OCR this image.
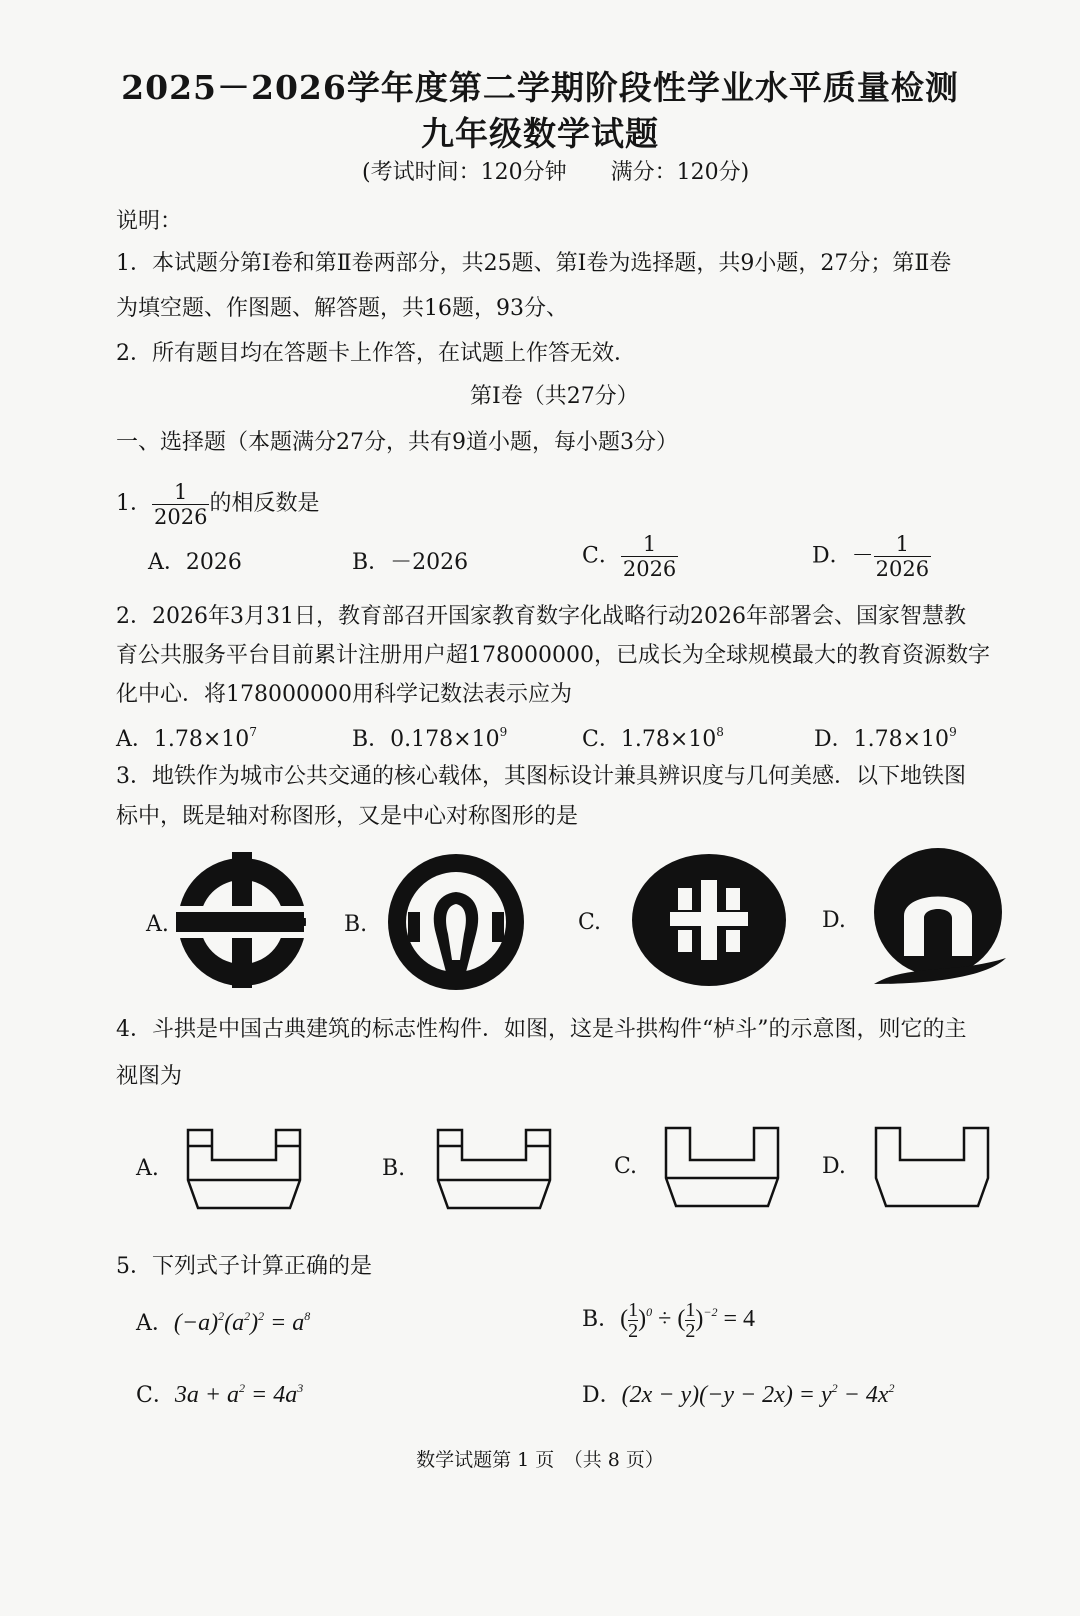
2025－2026学年度第二学期阶段性学业水平质量检测
九年级数学试题
(考试时间：120分钟　　满分：120分)
说明：
1．本试题分第Ⅰ卷和第Ⅱ卷两部分，共25题、第Ⅰ卷为选择题，共9小题，27分；第Ⅱ卷
为填空题、作图题、解答题，共16题，93分、
2．所有题目均在答题卡上作答，在试题上作答无效．
第Ⅰ卷（共27分）
一、选择题（本题满分27分，共有9道小题，每小题3分）
1． $\frac{1}{2026}$ 的相反数是
A．2026	B．－2026	C． $\frac{1}{2026}$	D．－ $\frac{1}{2026}$
2．2026年3月31日，教育部召开国家教育数字化战略行动2026年部署会、国家智慧教
育公共服务平台目前累计注册用户超178000000，已成长为全球规模最大的教育资源数字
化中心．将178000000用科学记数法表示应为
A．$1.78\times 10^7$	B．$0.178\times 10^9$	C．$1.78\times 10^8$	D．$1.78\times 10^9$
3．地铁作为城市公共交通的核心载体，其图标设计兼具辨识度与几何美感．以下地铁图
标中，既是轴对称图形，又是中心对称图形的是
A.	B.	C.	D.
4．斗拱是中国古典建筑的标志性构件．如图，这是斗拱构件“栌斗”的示意图，则它的主
视图为
A.	B.	C.	D.
5．下列式子计算正确的是
A．$(-a)^2(a^2)^2 = a^8$	B．( $\frac{1}{2} )^0$ ÷ ( $\frac{1}{2} )^{-2} = 4$
C．$3a + a^2 = 4a^3$	D．$(2x - y)(-y - 2x) = y^2 - 4x^2$
数学试题第 1 页　（共 8 页）
